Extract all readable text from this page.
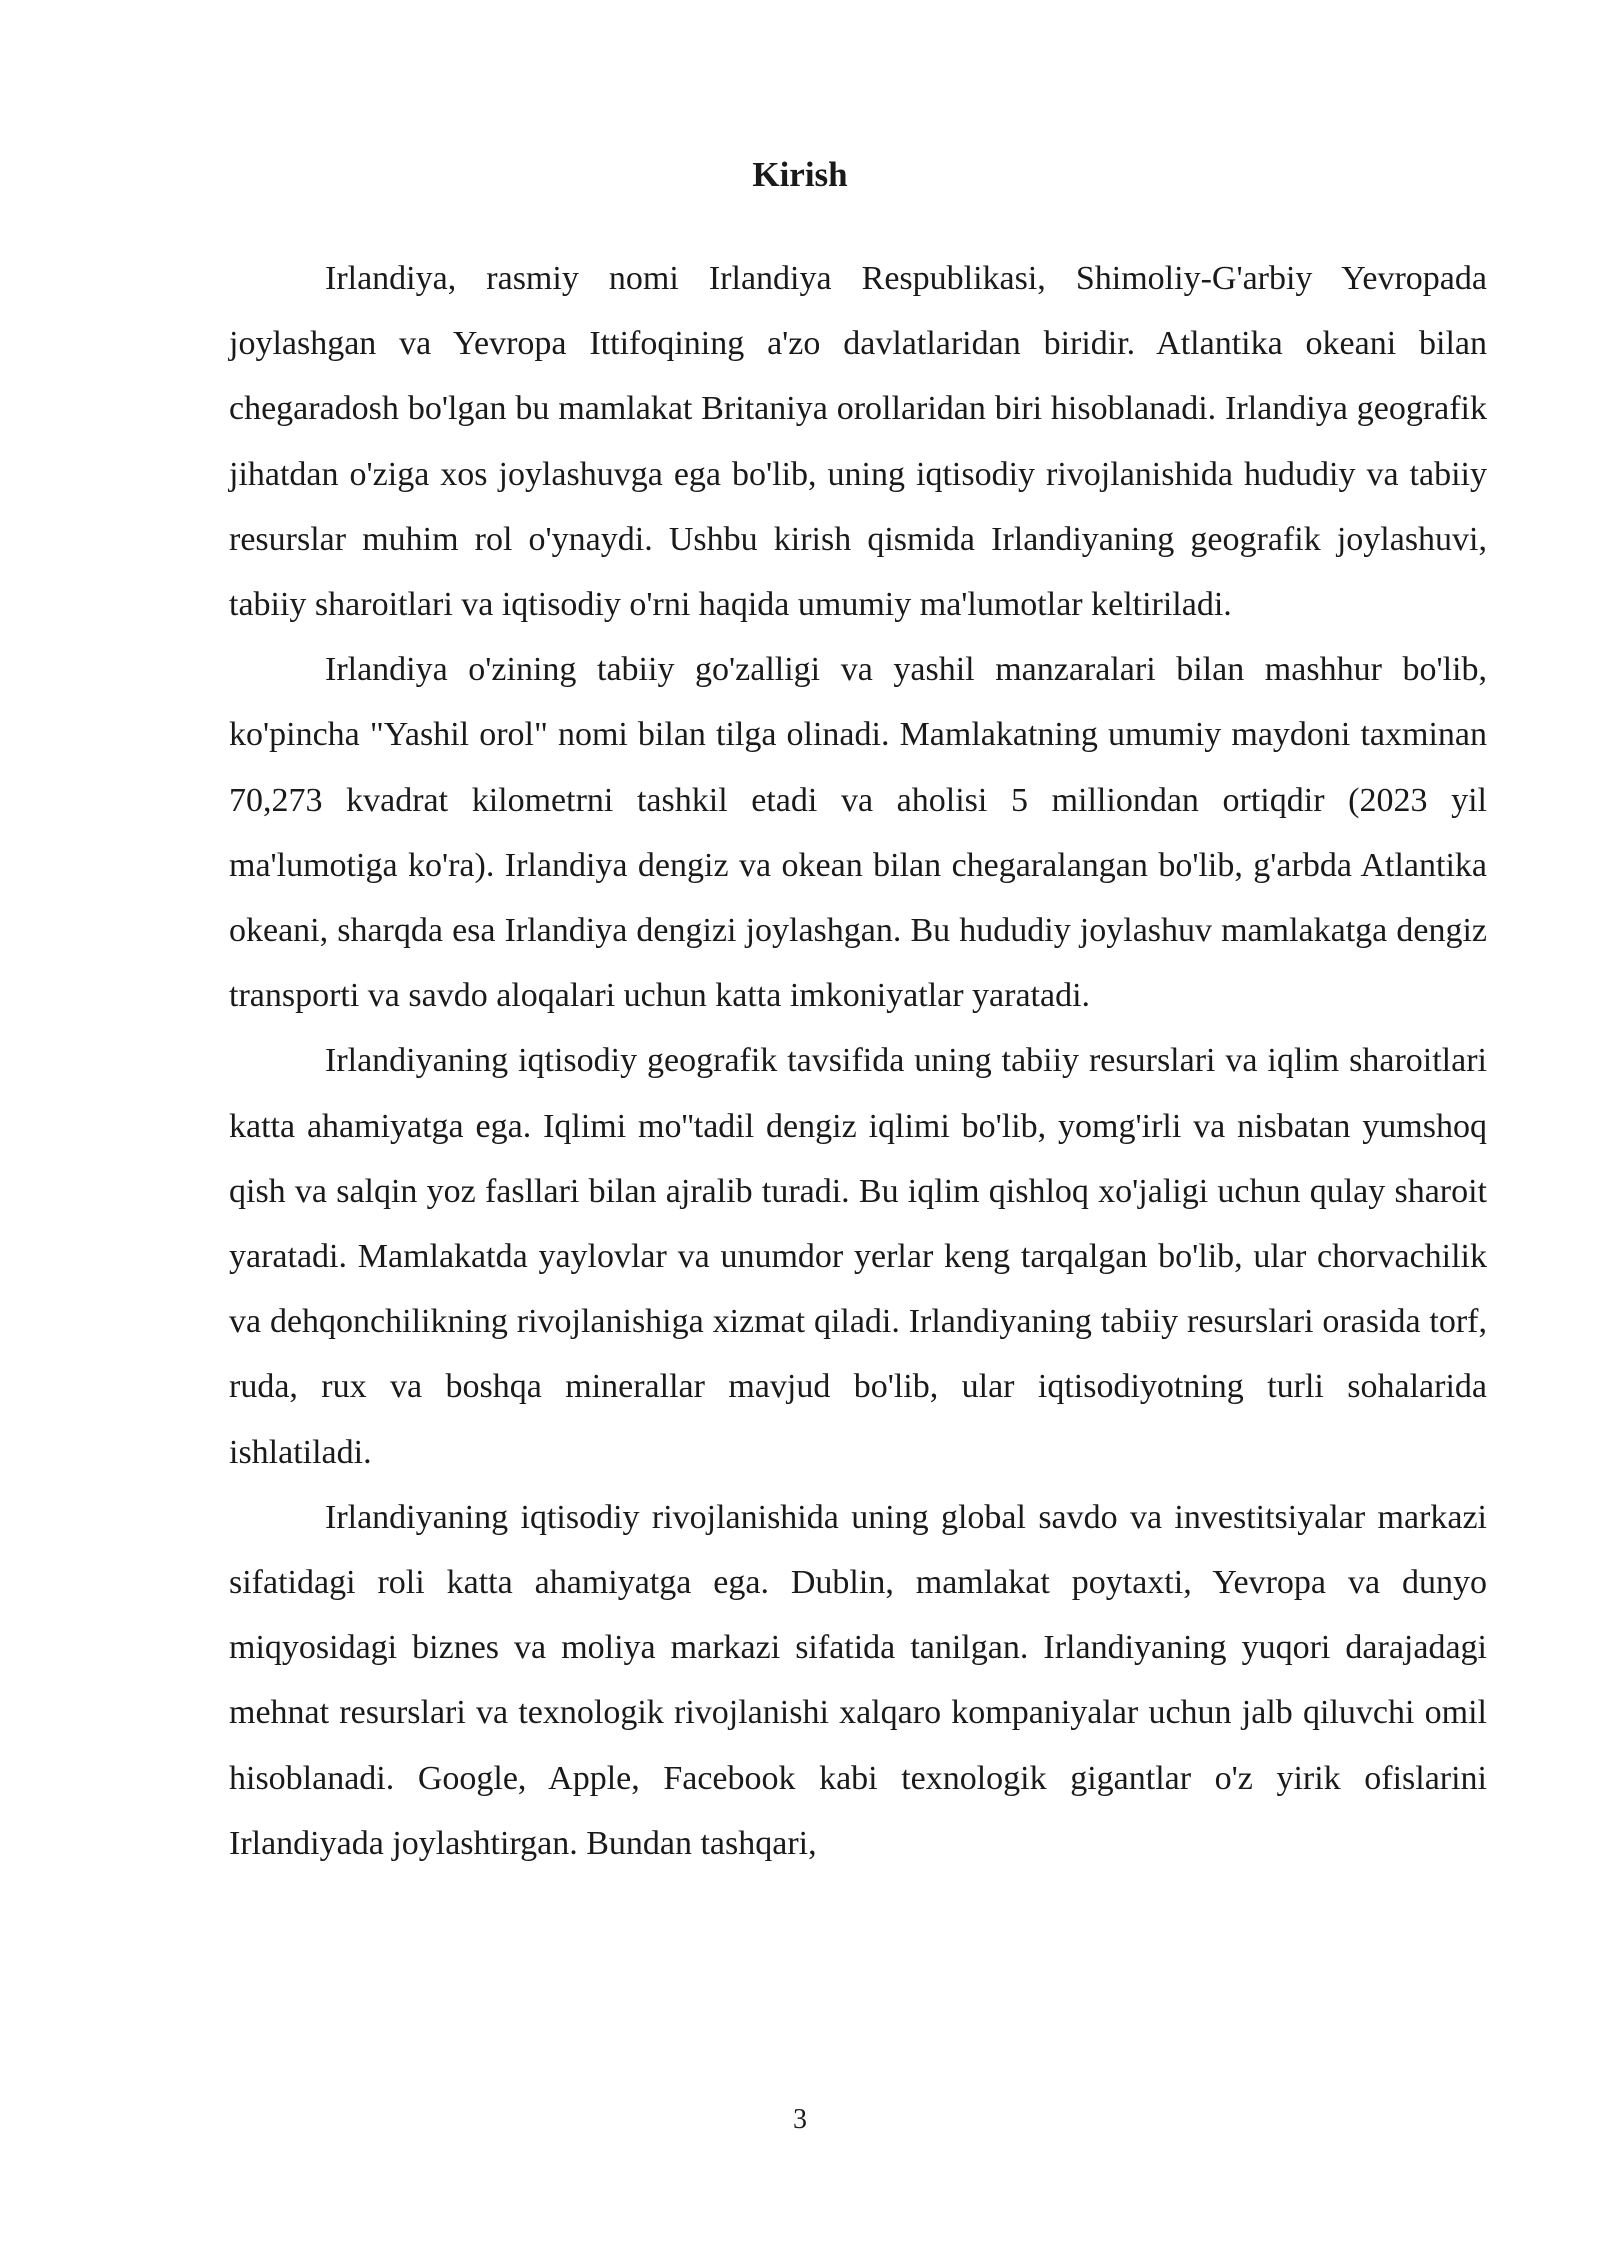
Kirish

Irlandiya, rasmiy nomi Irlandiya Respublikasi, Shimoliy-G'arbiy Yevropada joylashgan va Yevropa Ittifoqining a'zo davlatlaridan biridir. Atlantika okeani bilan chegaradosh bo'lgan bu mamlakat Britaniya orollaridan biri hisoblanadi. Irlandiya geografik jihatdan o'ziga xos joylashuvga ega bo'lib, uning iqtisodiy rivojlanishida hududiy va tabiiy resurslar muhim rol o'ynaydi. Ushbu kirish qismida Irlandiyaning geografik joylashuvi, tabiiy sharoitlari va iqtisodiy o'rni haqida umumiy ma'lumotlar keltiriladi.

Irlandiya o'zining tabiiy go'zalligi va yashil manzaralari bilan mashhur bo'lib, ko'pincha "Yashil orol" nomi bilan tilga olinadi. Mamlakatning umumiy maydoni taxminan 70,273 kvadrat kilometrni tashkil etadi va aholisi 5 milliondan ortiqdir (2023 yil ma'lumotiga ko'ra). Irlandiya dengiz va okean bilan chegaralangan bo'lib, g'arbda Atlantika okeani, sharqda esa Irlandiya dengizi joylashgan. Bu hududiy joylashuv mamlakatga dengiz transporti va savdo aloqalari uchun katta imkoniyatlar yaratadi.

Irlandiyaning iqtisodiy geografik tavsifida uning tabiiy resurslari va iqlim sharoitlari katta ahamiyatga ega. Iqlimi mo''tadil dengiz iqlimi bo'lib, yomg'irli va nisbatan yumshoq qish va salqin yoz fasllari bilan ajralib turadi. Bu iqlim qishloq xo'jaligi uchun qulay sharoit yaratadi. Mamlakatda yaylovlar va unumdor yerlar keng tarqalgan bo'lib, ular chorvachilik va dehqonchilikning rivojlanishiga xizmat qiladi. Irlandiyaning tabiiy resurslari orasida torf, ruda, rux va boshqa minerallar mavjud bo'lib, ular iqtisodiyotning turli sohalarida ishlatiladi.

Irlandiyaning iqtisodiy rivojlanishida uning global savdo va investitsiyalar markazi sifatidagi roli katta ahamiyatga ega. Dublin, mamlakat poytaxti, Yevropa va dunyo miqyosidagi biznes va moliya markazi sifatida tanilgan. Irlandiyaning yuqori darajadagi mehnat resurslari va texnologik rivojlanishi xalqaro kompaniyalar uchun jalb qiluvchi omil hisoblanadi. Google, Apple, Facebook kabi texnologik gigantlar o'z yirik ofislarini Irlandiyada joylashtirgan. Bundan tashqari,

3
